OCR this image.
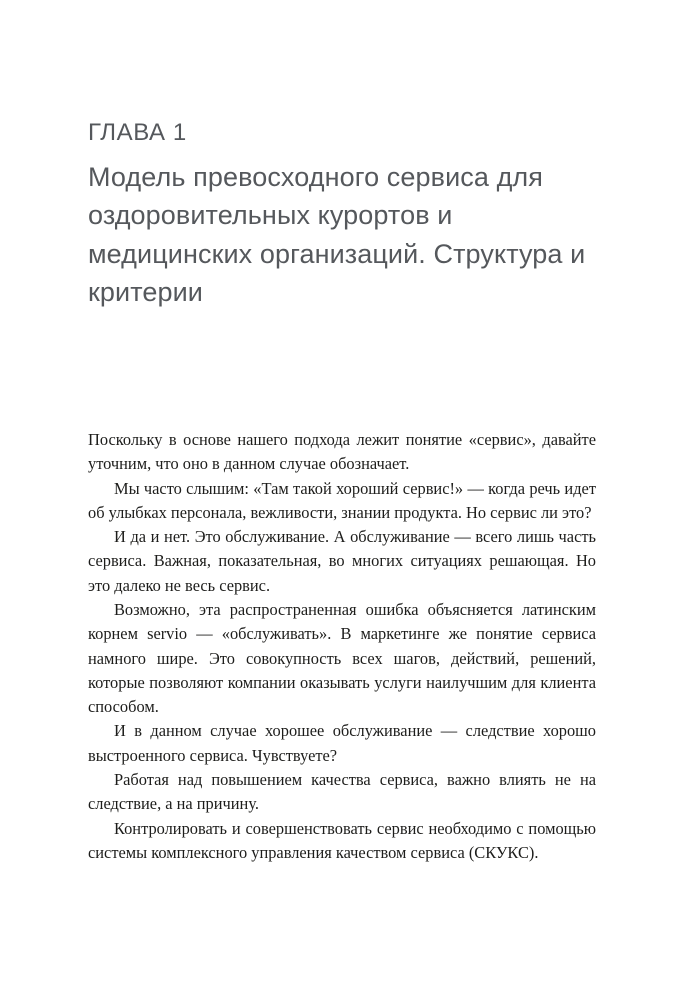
ГЛАВА 1
Модель превосходного сервиса для оздоровительных курортов и медицинских организаций. Структура и критерии

Поскольку в основе нашего подхода лежит понятие «сервис», давайте уточним, что оно в данном случае обозначает.

Мы часто слышим: «Там такой хороший сервис!» — когда речь идет об улыбках персонала, вежливости, знании продукта. Но сервис ли это?

И да и нет. Это обслуживание. А обслуживание — всего лишь часть сервиса. Важная, показательная, во многих ситуациях решающая. Но это далеко не весь сервис.

Возможно, эта распространенная ошибка объясняется латинским корнем servio — «обслуживать». В маркетинге же понятие сервиса намного шире. Это совокупность всех шагов, действий, решений, которые позволяют компании оказывать услуги наилучшим для клиента способом.

И в данном случае хорошее обслуживание — следствие хорошо выстроенного сервиса. Чувствуете?

Работая над повышением качества сервиса, важно влиять не на следствие, а на причину.

Контролировать и совершенствовать сервис необходимо с помощью системы комплексного управления качеством сервиса (СКУКС).
